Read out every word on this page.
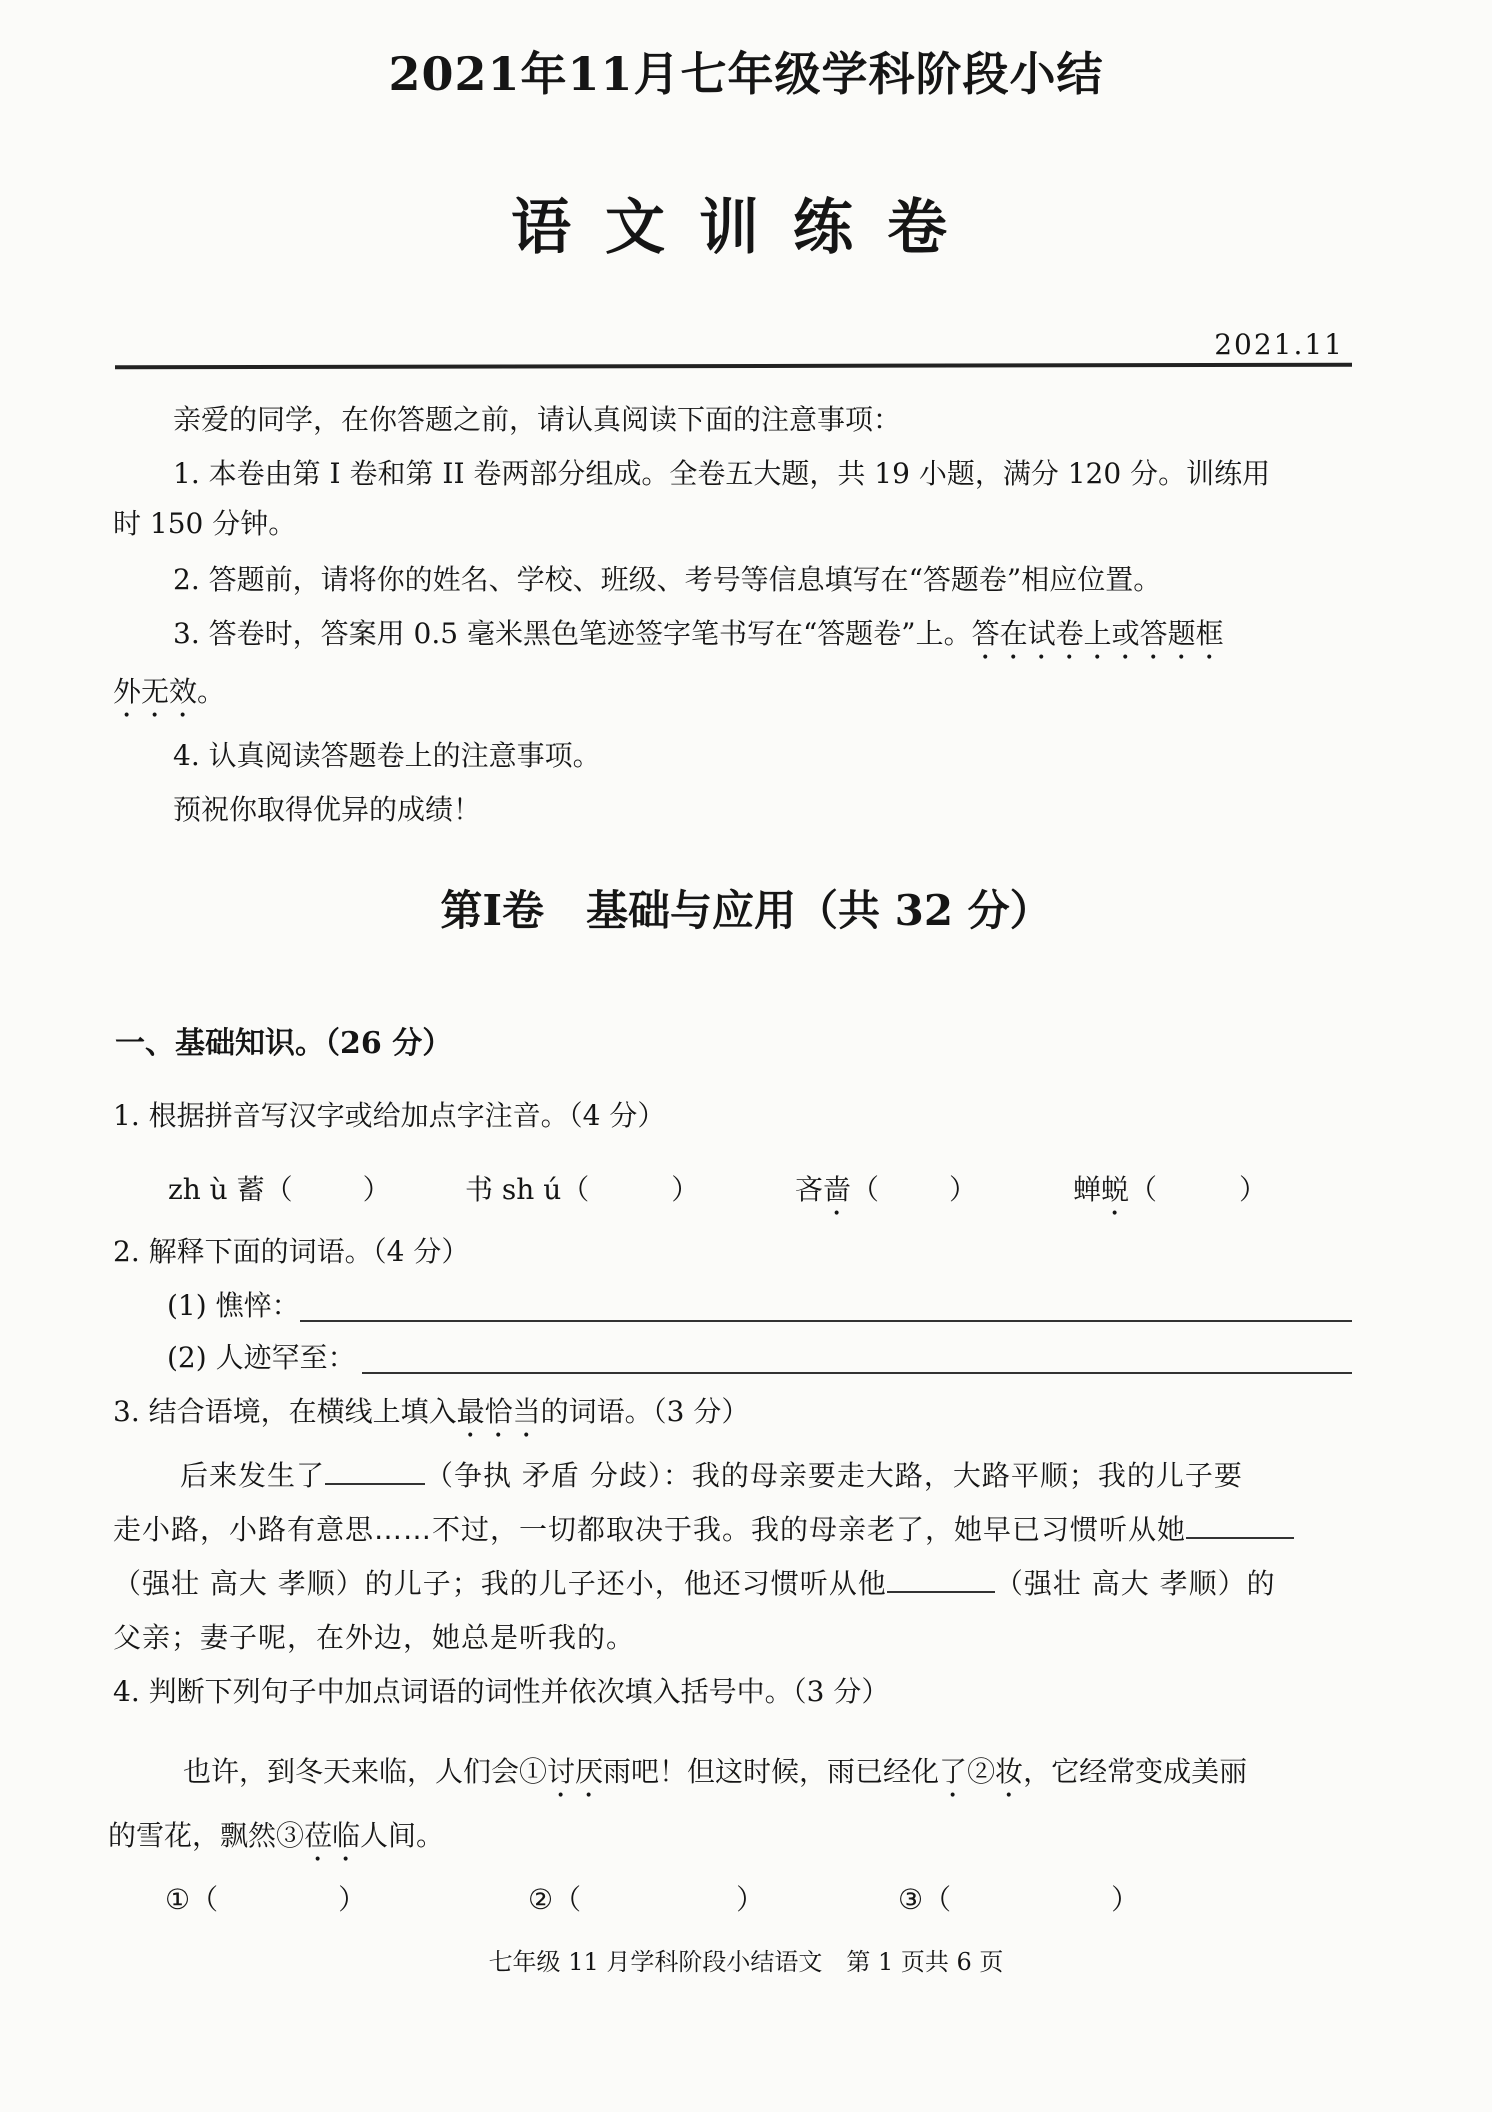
2021年11月七年级学科阶段小结
语文训练卷
2021.11
亲爱的同学，在你答题之前，请认真阅读下面的注意事项：
1. 本卷由第 I 卷和第 II 卷两部分组成。全卷五大题，共 19 小题，满分 120 分。训练用
时 150 分钟。
2. 答题前，请将你的姓名、学校、班级、考号等信息填写在“答题卷”相应位置。
3. 答卷时，答案用 0.5 毫米黑色笔迹签字笔书写在“答题卷”上。答在试卷上或答题框
外无效。
4. 认真阅读答题卷上的注意事项。
预祝你取得优异的成绩！
第Ⅰ卷　基础与应用（共 32 分）
一、基础知识。（26 分）
1. 根据拼音写汉字或给加点字注音。（4 分）
zh ù 蓄（	）	书 sh ú（	）	吝啬（	）	蝉蜕（	）
2. 解释下面的词语。（4 分）
(1) 憔悴：
(2) 人迹罕至：
3. 结合语境，在横线上填入最恰当的词语。（3 分）
后来发生了	（争执 矛盾 分歧）：我的母亲要走大路，大路平顺；我的儿子要
走小路，小路有意思……不过，一切都取决于我。我的母亲老了，她早已习惯听从她
（强壮 高大 孝顺）的儿子；我的儿子还小，他还习惯听从他	（强壮 高大 孝顺）的
父亲；妻子呢，在外边，她总是听我的。
4. 判断下列句子中加点词语的词性并依次填入括号中。（3 分）
也许，到冬天来临，人们会①讨厌雨吧！但这时候，雨已经化了②妆，它经常变成美丽
的雪花，飘然③莅临人间。
①（	）	②（	）	③（	）
七年级 11 月学科阶段小结语文　第 1 页共 6 页
